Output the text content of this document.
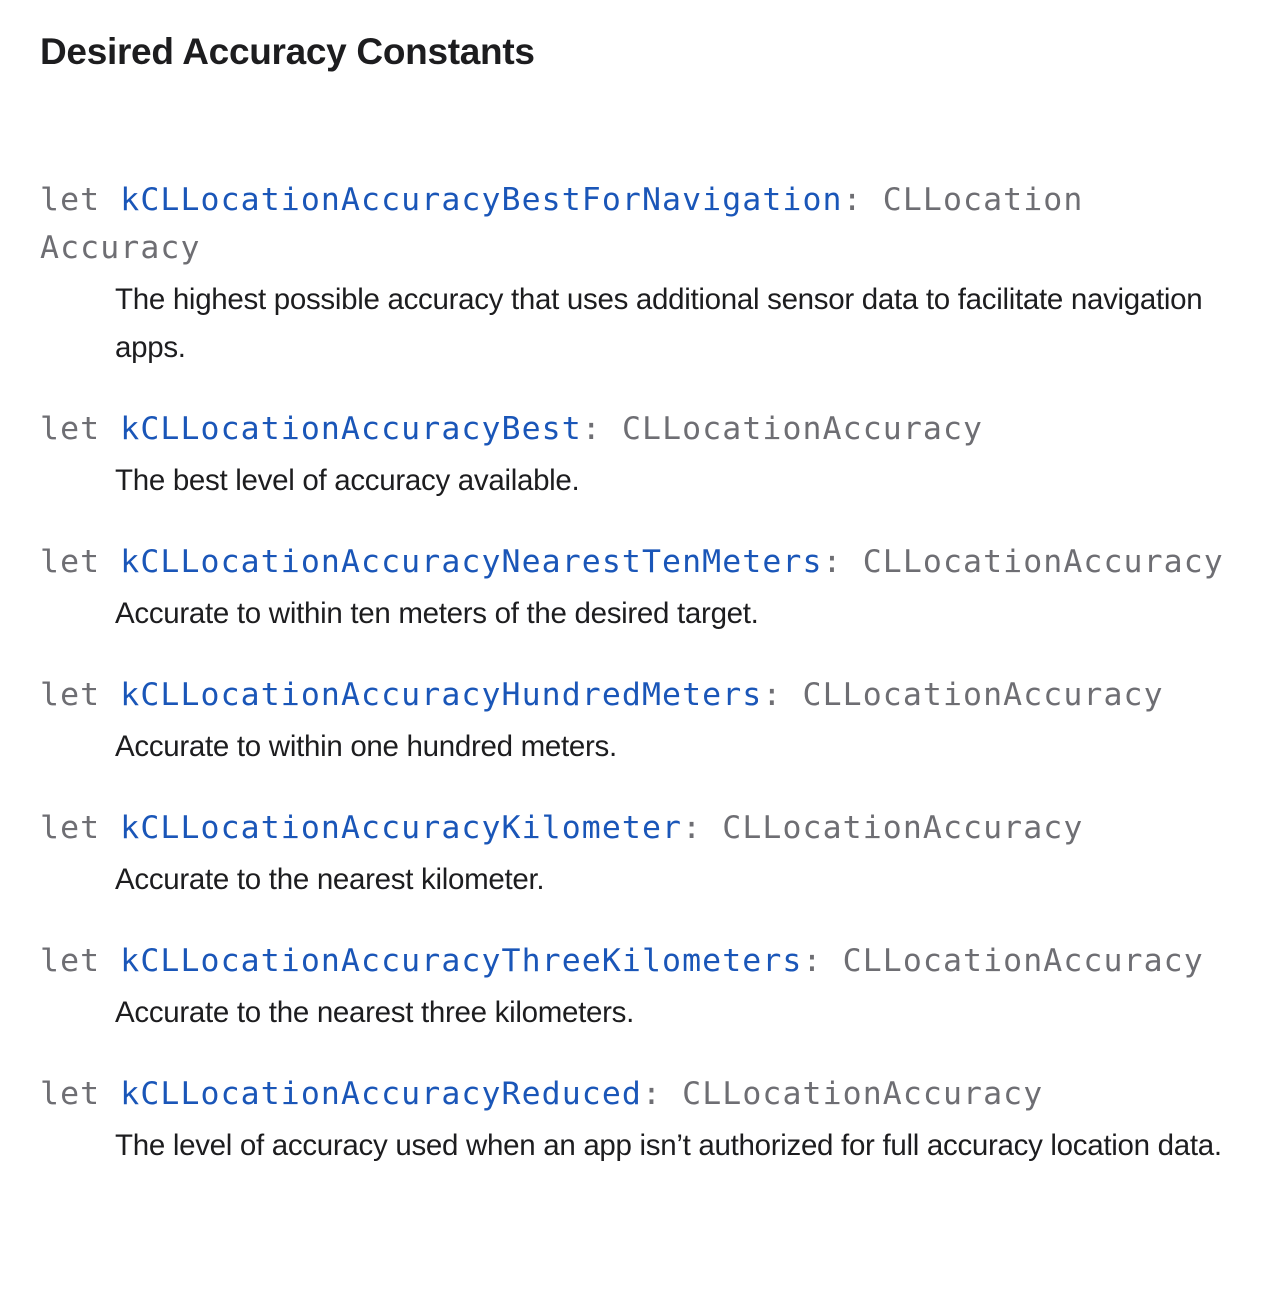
Desired Accuracy Constants
let kCLLocationAccuracyBestForNavigation: CLLocation
Accuracy

The highest possible accuracy that uses additional sensor data to facilitate navigation apps.

let kCLLocationAccuracyBest: CLLocationAccuracy

The best level of accuracy available.

let kCLLocationAccuracyNearestTenMeters: CLLocationAccuracy

Accurate to within ten meters of the desired target.

let kCLLocationAccuracyHundredMeters: CLLocationAccuracy

Accurate to within one hundred meters.

let kCLLocationAccuracyKilometer: CLLocationAccuracy

Accurate to the nearest kilometer.

let kCLLocationAccuracyThreeKilometers: CLLocationAccuracy

Accurate to the nearest three kilometers.

let kCLLocationAccuracyReduced: CLLocationAccuracy

The level of accuracy used when an app isn’t authorized for full accuracy location data.
